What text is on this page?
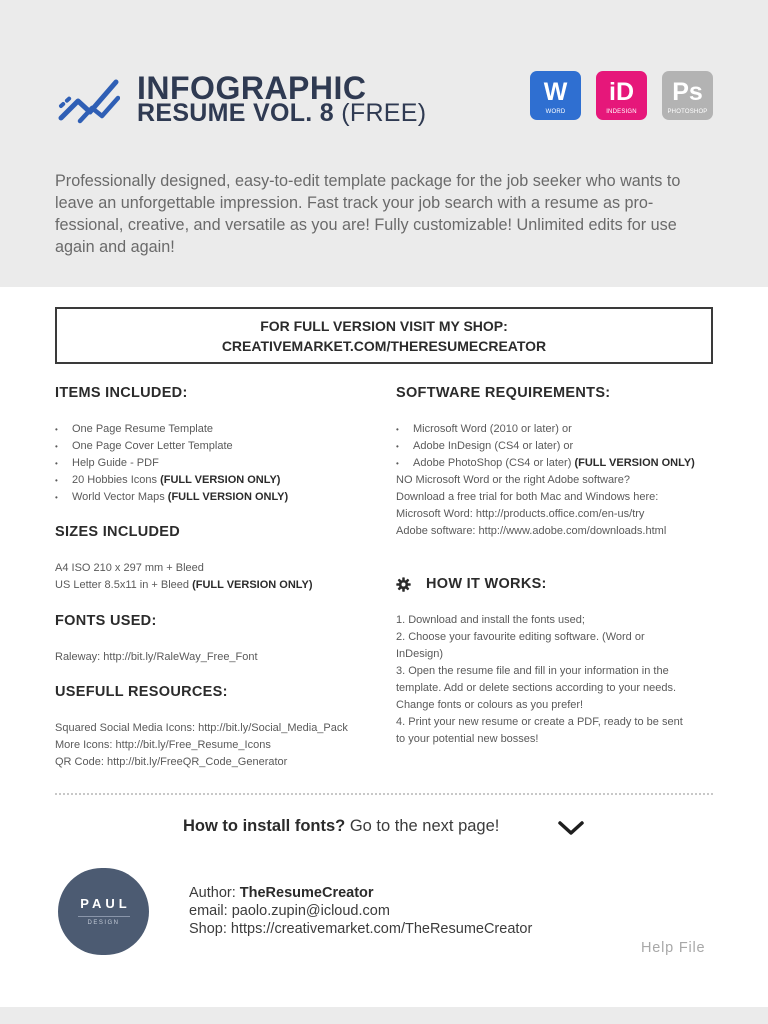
INFOGRAPHIC
RESUME VOL. 8 (FREE)
W
WORD
iD
INDESIGN
Ps
PHOTOSHOP
Professionally designed, easy-to-edit template package for the job seeker who wants to leave an unforgettable impression. Fast track your job search with a resume as pro-fessional, creative, and versatile as you are! Fully customizable! Unlimited edits for use again and again!
FOR FULL VERSION VISIT MY SHOP:
CREATIVEMARKET.COM/THERESUMECREATOR
ITEMS INCLUDED:
• One Page Resume Template
• One Page Cover Letter Template
• Help Guide - PDF
• 20 Hobbies Icons (FULL VERSION ONLY)
• World Vector Maps (FULL VERSION ONLY)
SIZES INCLUDED
A4 ISO 210 x 297 mm + Bleed
US Letter 8.5x11 in + Bleed (FULL VERSION ONLY)
FONTS USED:
Raleway: http://bit.ly/RaleWay_Free_Font
USEFULL RESOURCES:
Squared Social Media Icons: http://bit.ly/Social_Media_Pack
More Icons: http://bit.ly/Free_Resume_Icons
QR Code: http://bit.ly/FreeQR_Code_Generator
SOFTWARE REQUIREMENTS:
• Microsoft Word (2010 or later) or
• Adobe InDesign (CS4 or later) or
• Adobe PhotoShop (CS4 or later) (FULL VERSION ONLY)
NO Microsoft Word or the right Adobe software?
Download a free trial for both Mac and Windows here:
Microsoft Word: http://products.office.com/en-us/try
Adobe software: http://www.adobe.com/downloads.html
HOW IT WORKS:
1. Download and install the fonts used;
2. Choose your favourite editing software. (Word or
InDesign)
3. Open the resume file and fill in your information in the
template. Add or delete sections according to your needs.
Change fonts or colours as you prefer!
4. Print your new resume or create a PDF, ready to be sent
to your potential new bosses!
How to install fonts? Go to the next page!
PAUL
DESIGN
Author: TheResumeCreator
email: paolo.zupin@icloud.com
Shop: https://creativemarket.com/TheResumeCreator
Help File
